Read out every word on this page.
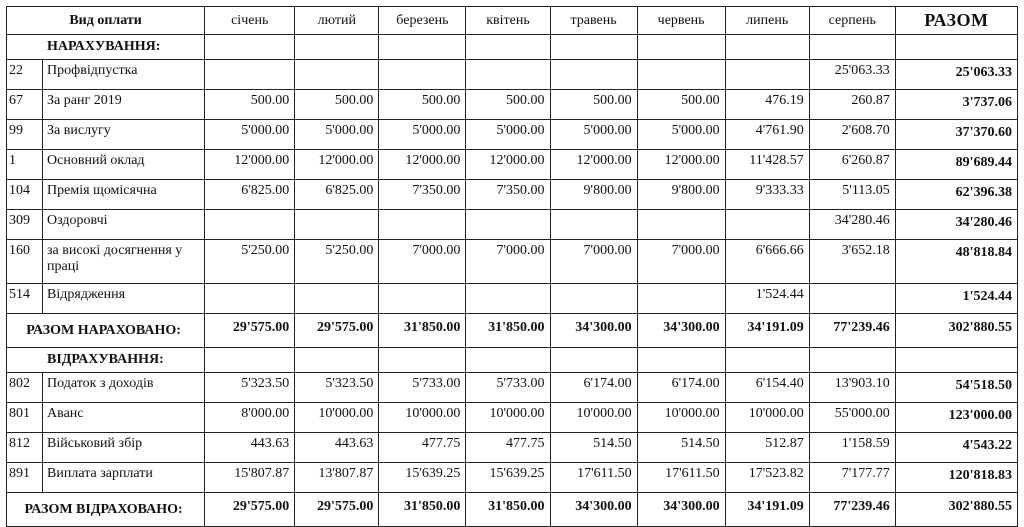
Вид оплати		січень	лютий	березень	квітень	травень	червень	липень	серпень	РАЗОМ
НАРАХУВАННЯ:										
22	Профвідпустка								25'063.33	25'063.33
67	За ранг 2019	500.00	500.00	500.00	500.00	500.00	500.00	476.19	260.87	3'737.06
99	За вислугу	5'000.00	5'000.00	5'000.00	5'000.00	5'000.00	5'000.00	4'761.90	2'608.70	37'370.60
1	Основний оклад	12'000.00	12'000.00	12'000.00	12'000.00	12'000.00	12'000.00	11'428.57	6'260.87	89'689.44
104	Премія щомісячна	6'825.00	6'825.00	7'350.00	7'350.00	9'800.00	9'800.00	9'333.33	5'113.05	62'396.38
309	Оздоровчі								34'280.46	34'280.46
160	за високі досягнення у праці	5'250.00	5'250.00	7'000.00	7'000.00	7'000.00	7'000.00	6'666.66	3'652.18	48'818.84
514	Відрядження							1'524.44		1'524.44
РАЗОМ НАРАХОВАНО:		29'575.00	29'575.00	31'850.00	31'850.00	34'300.00	34'300.00	34'191.09	77'239.46	302'880.55
ВІДРАХУВАННЯ:										
802	Податок з доходів	5'323.50	5'323.50	5'733.00	5'733.00	6'174.00	6'174.00	6'154.40	13'903.10	54'518.50
801	Аванс	8'000.00	10'000.00	10'000.00	10'000.00	10'000.00	10'000.00	10'000.00	55'000.00	123'000.00
812	Військовий збір	443.63	443.63	477.75	477.75	514.50	514.50	512.87	1'158.59	4'543.22
891	Виплата зарплати	15'807.87	13'807.87	15'639.25	15'639.25	17'611.50	17'611.50	17'523.82	7'177.77	120'818.83
РАЗОМ ВІДРАХОВАНО:		29'575.00	29'575.00	31'850.00	31'850.00	34'300.00	34'300.00	34'191.09	77'239.46	302'880.55
